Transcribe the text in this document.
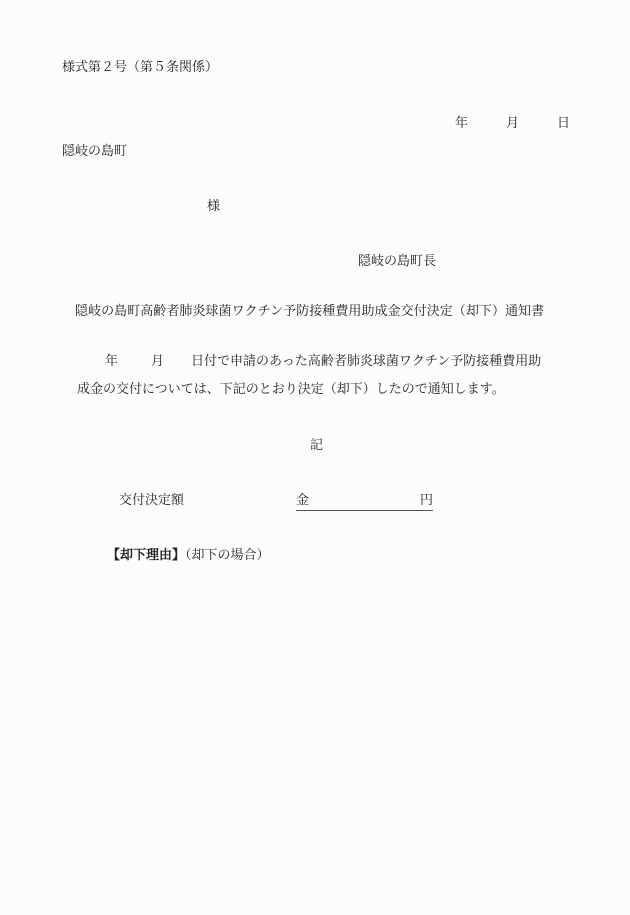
様式第２号（第５条関係）
年	月	日
隠岐の島町
様
隠岐の島町長
隠岐の島町高齢者肺炎球菌ワクチン予防接種費用助成金交付決定（却下）通知書
年	月 日付で申請のあった高齢者肺炎球菌ワクチン予防接種費用助
成金の交付については、下記のとおり決定（却下）したので通知します。
記
交付決定額	金	円
【却下理由】（却下の場合）
